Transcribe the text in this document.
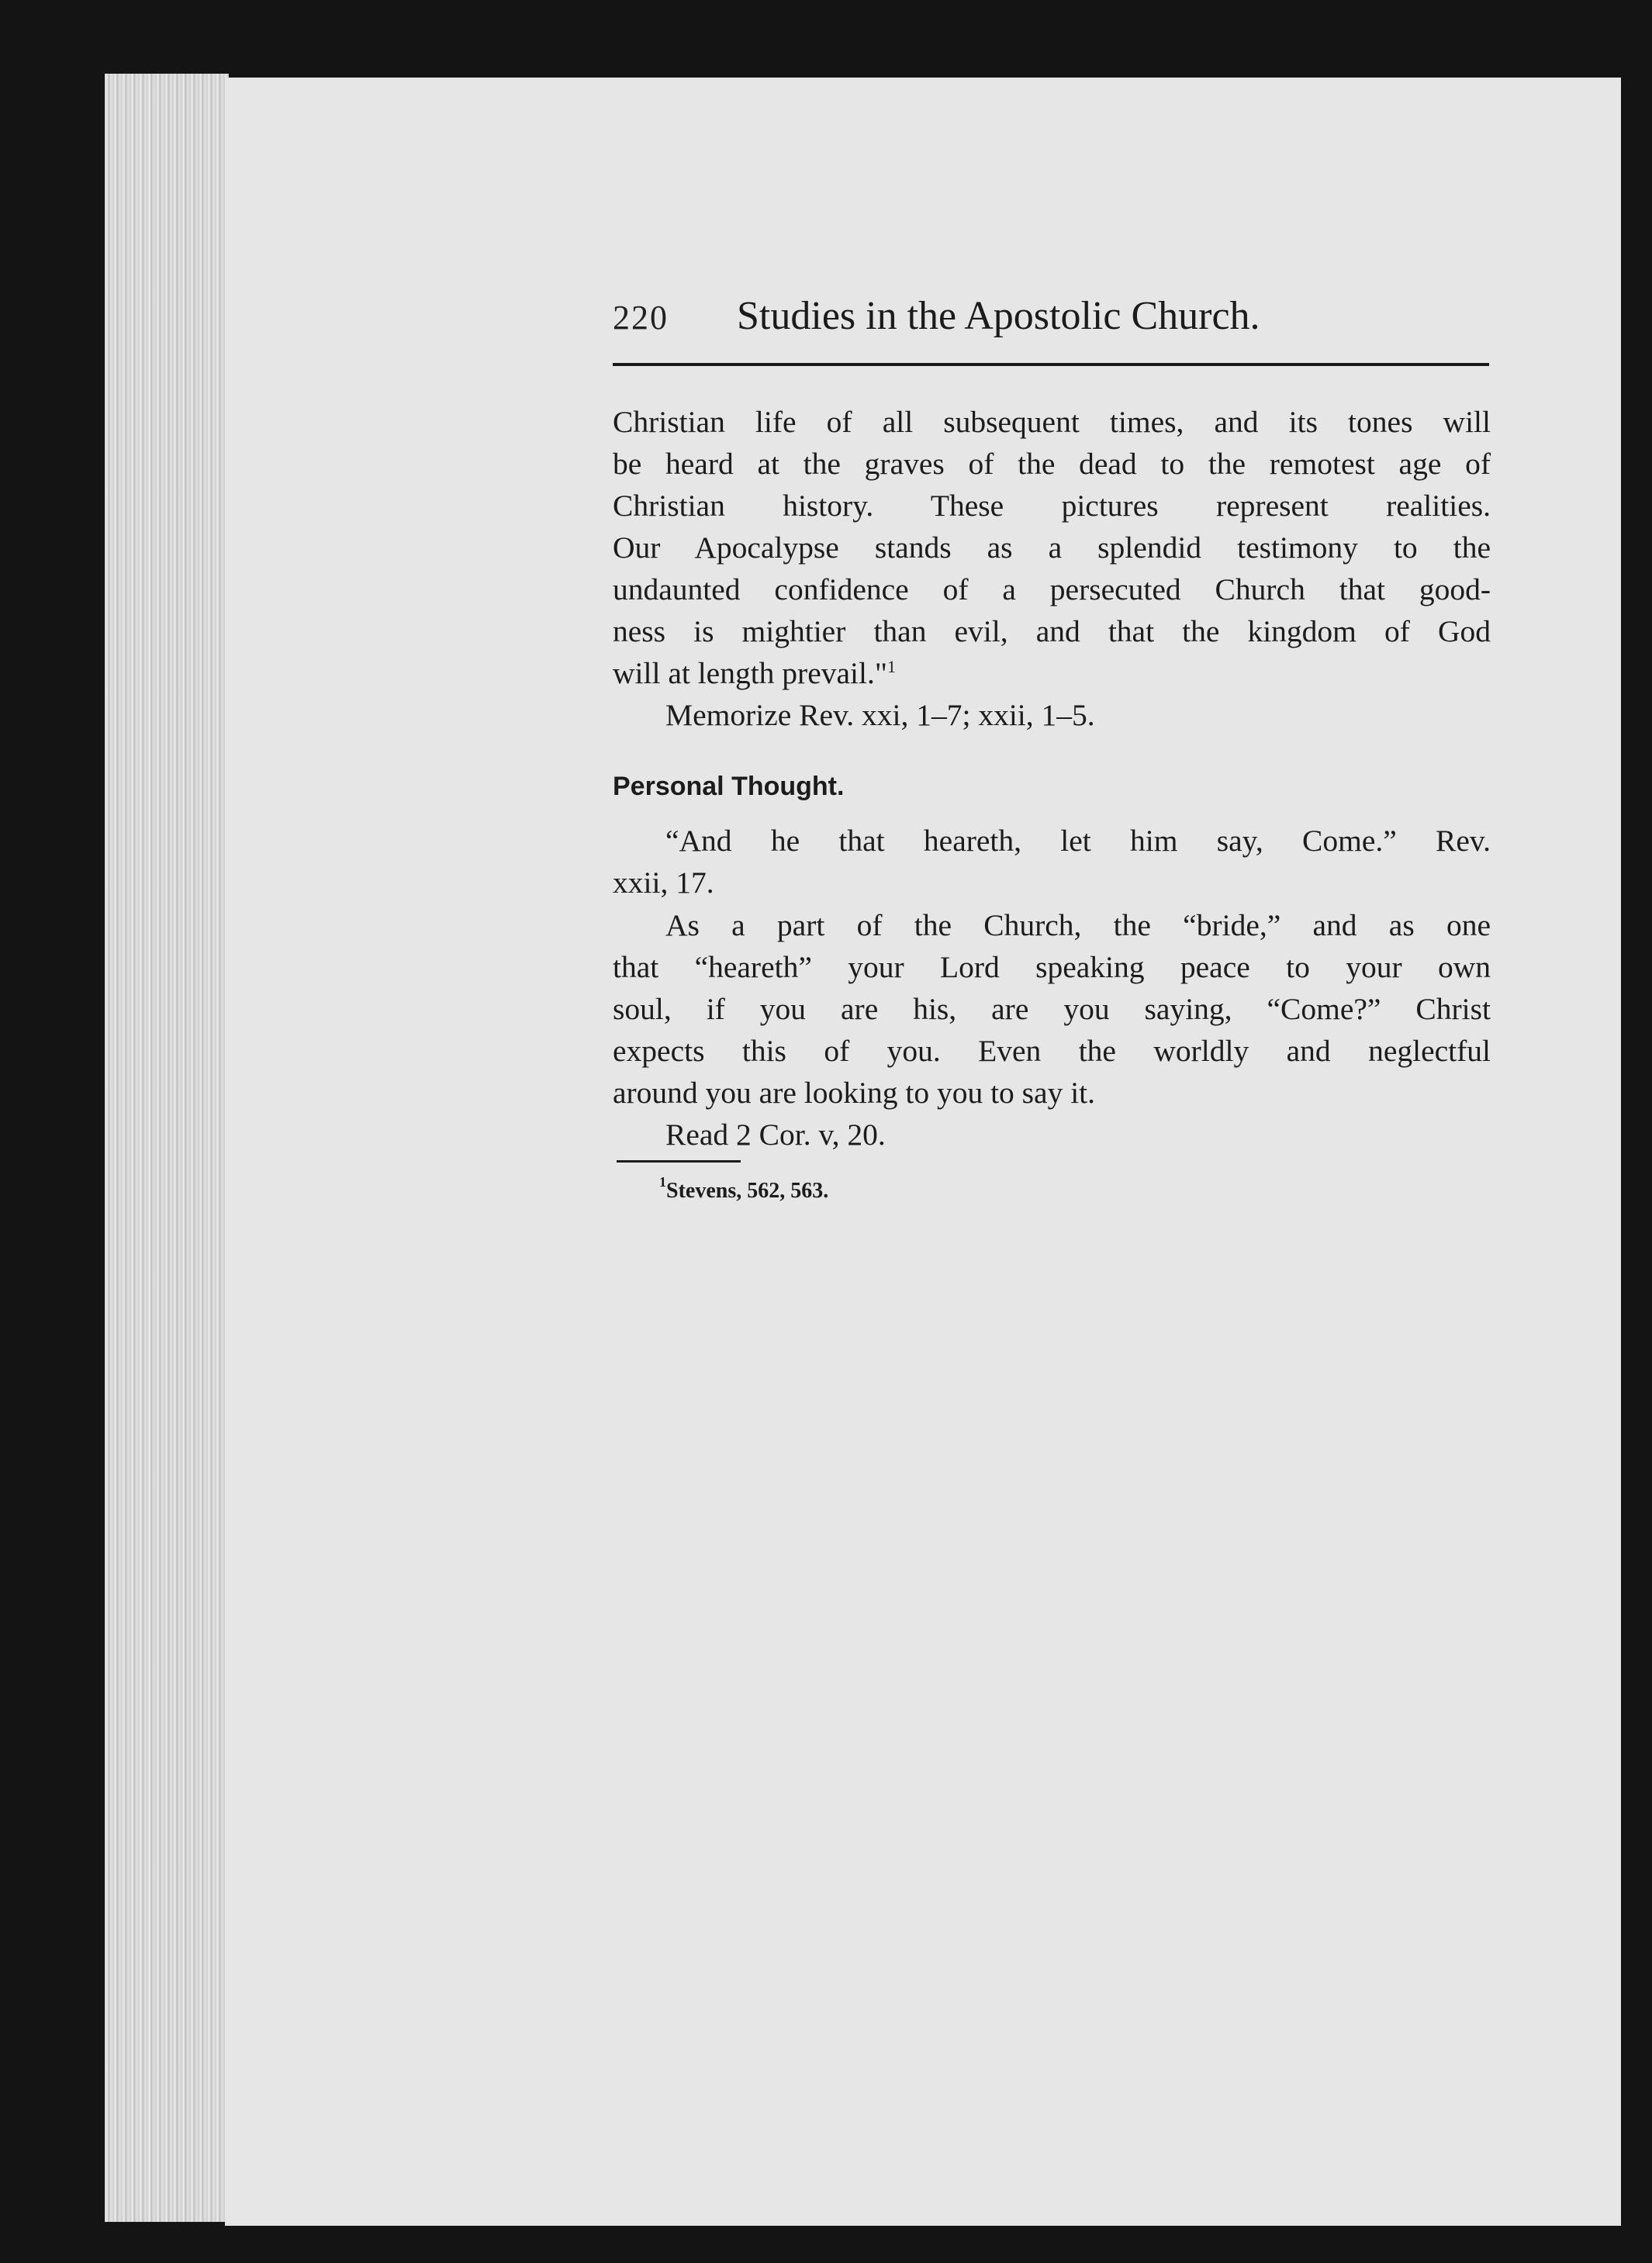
220 Studies in the Apostolic Church.
Christian life of all subsequent times, and its tones will
be heard at the graves of the dead to the remotest age of
Christian history. These pictures represent realities.
Our Apocalypse stands as a splendid testimony to the
undaunted confidence of a persecuted Church that good-
ness is mightier than evil, and that the kingdom of God
will at length prevail."$^1$
Memorize Rev. xxi, 1–7; xxii, 1–5.
Personal Thought.
“And he that heareth, let him say, Come.” Rev.
xxii, 17.
As a part of the Church, the “bride,” and as one
that “heareth” your Lord speaking peace to your own
soul, if you are his, are you saying, “Come?” Christ
expects this of you. Even the worldly and neglectful
around you are looking to you to say it.
Read 2 Cor. v, 20.
$^1$Stevens, 562, 563.
